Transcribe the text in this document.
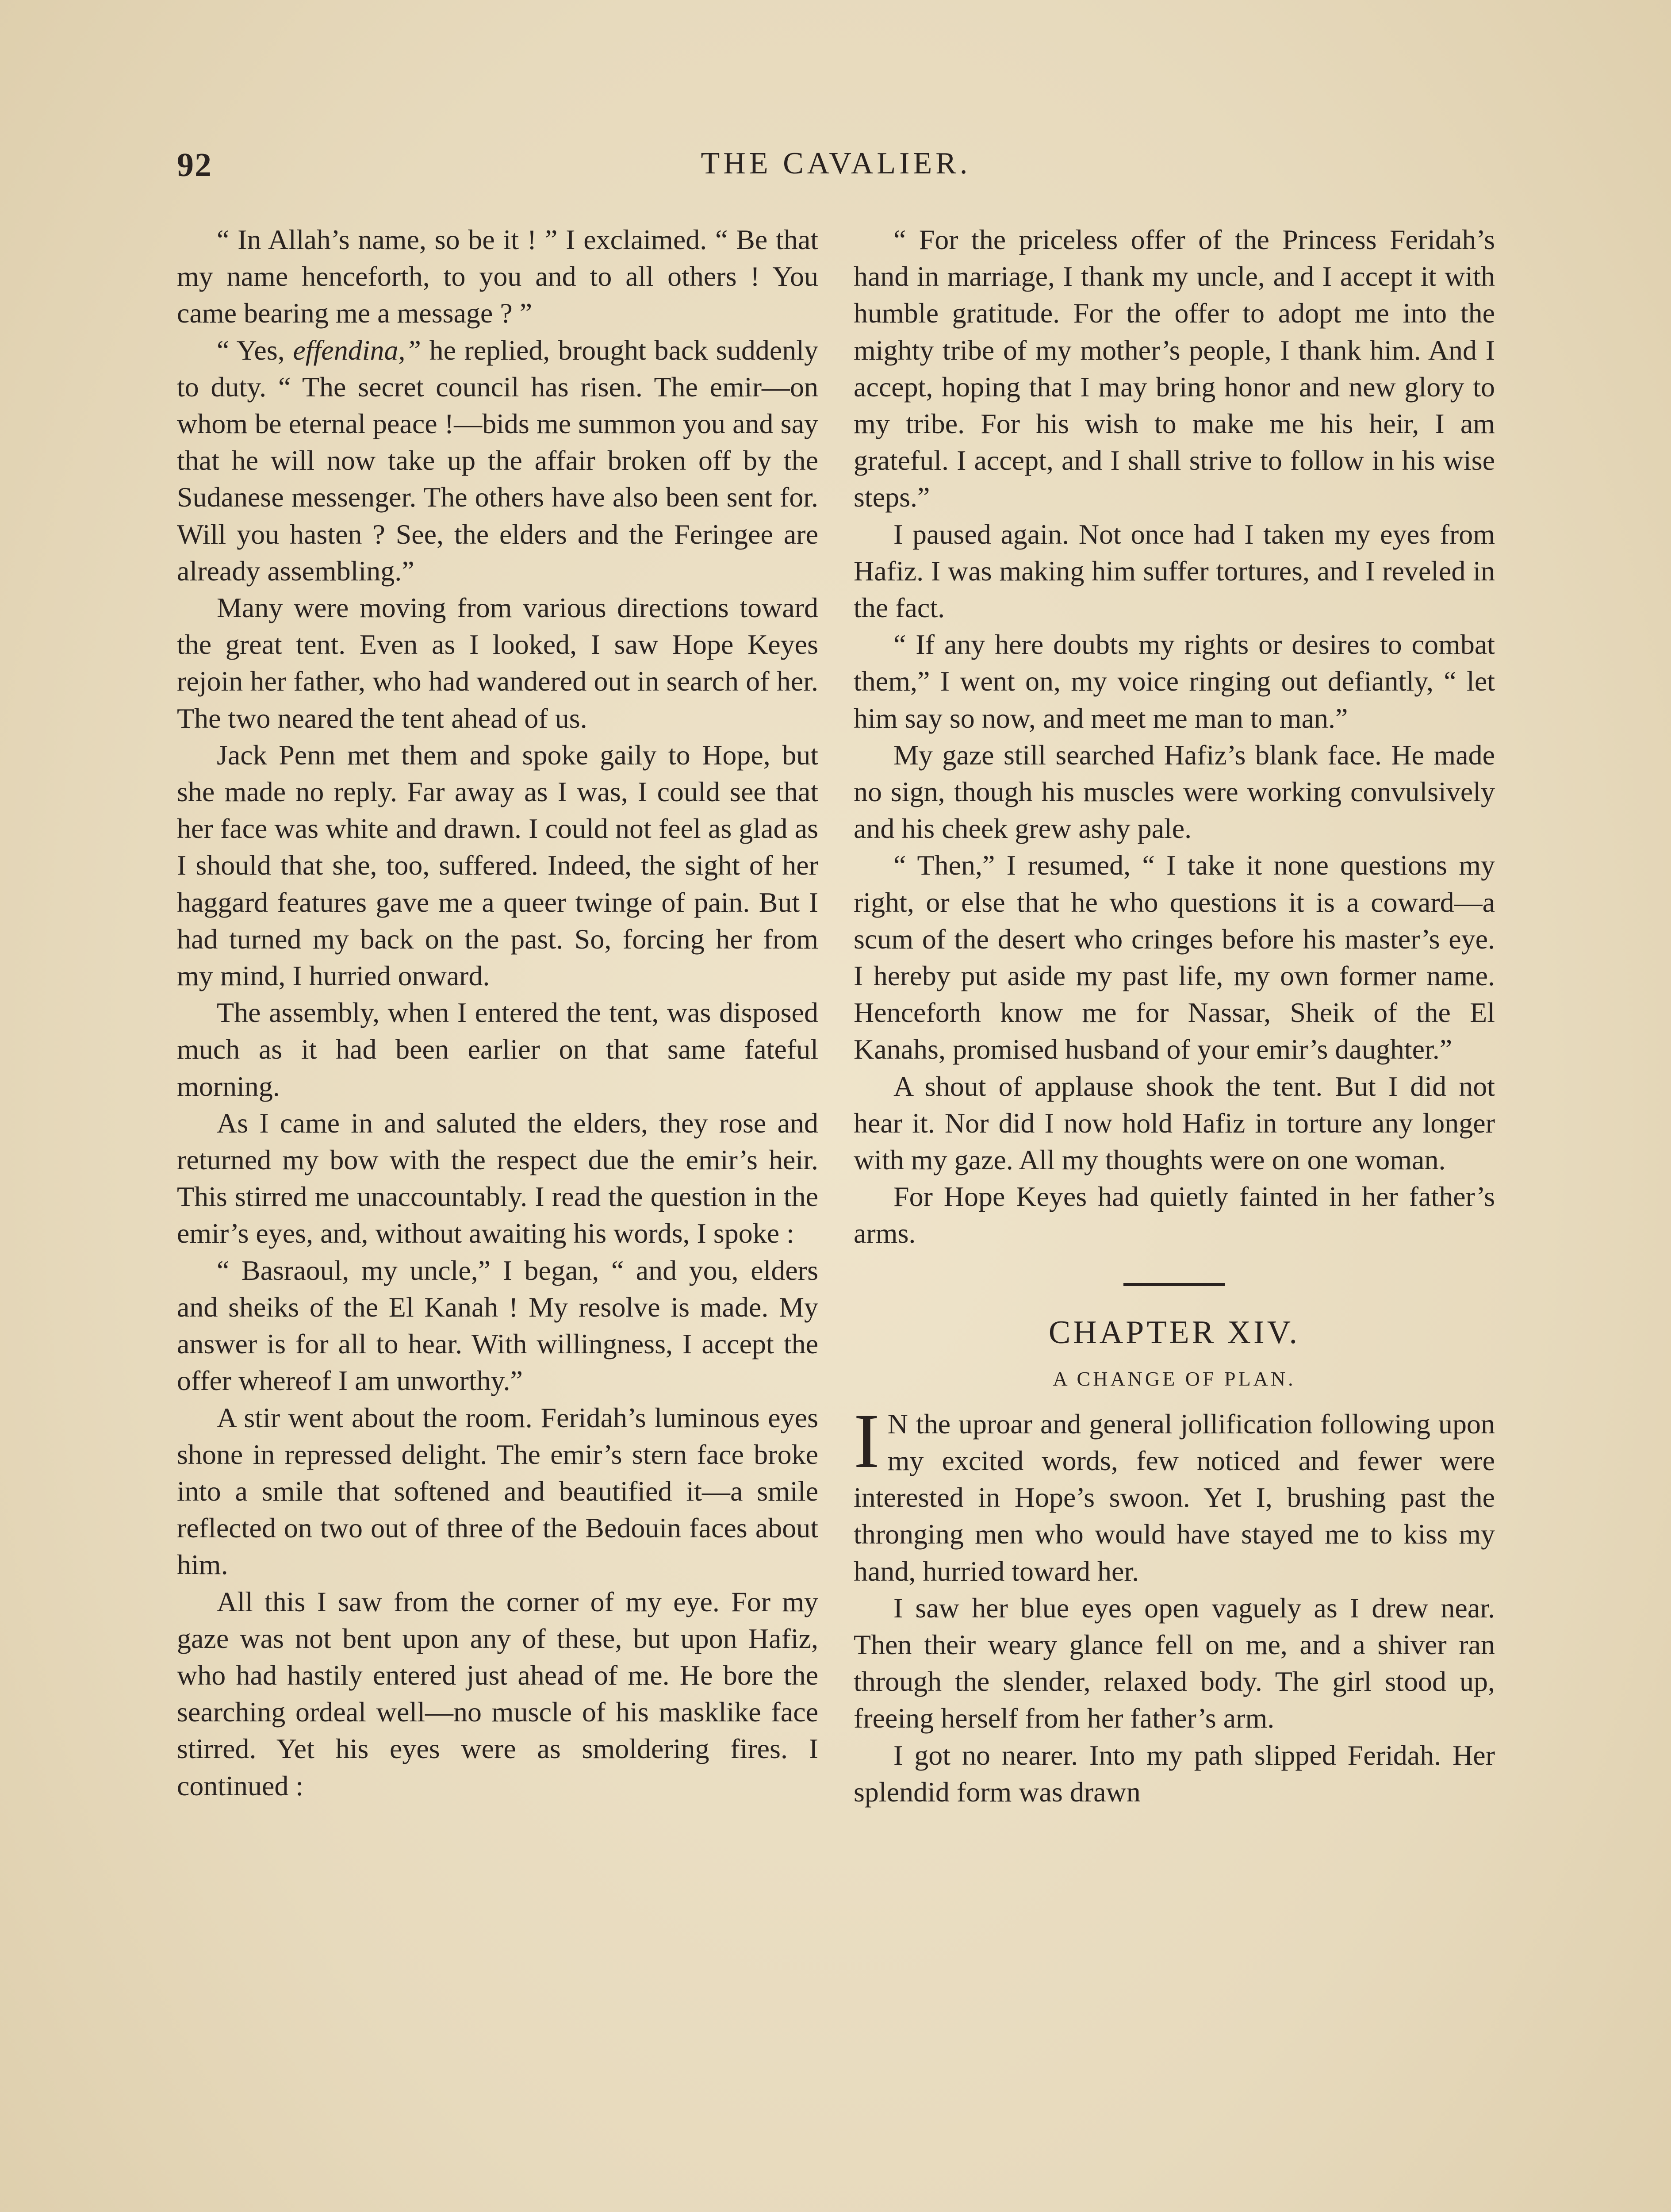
92	THE CAVALIER.

“ In Allah’s name, so be it ! ” I exclaimed. “ Be that my name henceforth, to you and to all others ! You came bearing me a message ? ”

“ Yes, effendina,” he replied, brought back suddenly to duty. “ The secret council has risen. The emir—on whom be eternal peace !—bids me summon you and say that he will now take up the affair broken off by the Sudanese messenger. The others have also been sent for. Will you hasten ? See, the elders and the Feringee are already assembling.”

Many were moving from various directions toward the great tent. Even as I looked, I saw Hope Keyes rejoin her father, who had wandered out in search of her. The two neared the tent ahead of us.

Jack Penn met them and spoke gaily to Hope, but she made no reply. Far away as I was, I could see that her face was white and drawn. I could not feel as glad as I should that she, too, suffered. Indeed, the sight of her haggard features gave me a queer twinge of pain. But I had turned my back on the past. So, forcing her from my mind, I hurried onward.

The assembly, when I entered the tent, was disposed much as it had been earlier on that same fateful morning.

As I came in and saluted the elders, they rose and returned my bow with the respect due the emir’s heir. This stirred me unaccountably. I read the question in the emir’s eyes, and, without awaiting his words, I spoke :

“ Basraoul, my uncle,” I began, “ and you, elders and sheiks of the El Kanah ! My resolve is made. My answer is for all to hear. With willingness, I accept the offer whereof I am unworthy.”

A stir went about the room. Feridah’s luminous eyes shone in repressed delight. The emir’s stern face broke into a smile that softened and beautified it—a smile reflected on two out of three of the Bedouin faces about him.

All this I saw from the corner of my eye. For my gaze was not bent upon any of these, but upon Hafiz, who had hastily entered just ahead of me. He bore the searching ordeal well—no muscle of his masklike face stirred. Yet his eyes were as smoldering fires. I continued :

“ For the priceless offer of the Princess Feridah’s hand in marriage, I thank my uncle, and I accept it with humble gratitude. For the offer to adopt me into the mighty tribe of my mother’s people, I thank him. And I accept, hoping that I may bring honor and new glory to my tribe. For his wish to make me his heir, I am grateful. I accept, and I shall strive to follow in his wise steps.”

I paused again. Not once had I taken my eyes from Hafiz. I was making him suffer tortures, and I reveled in the fact.

“ If any here doubts my rights or desires to combat them,” I went on, my voice ringing out defiantly, “ let him say so now, and meet me man to man.”

My gaze still searched Hafiz’s blank face. He made no sign, though his muscles were working convulsively and his cheek grew ashy pale.

“ Then,” I resumed, “ I take it none questions my right, or else that he who questions it is a coward—a scum of the desert who cringes before his master’s eye. I hereby put aside my past life, my own former name. Henceforth know me for Nassar, Sheik of the El Kanahs, promised husband of your emir’s daughter.”

A shout of applause shook the tent. But I did not hear it. Nor did I now hold Hafiz in torture any longer with my gaze. All my thoughts were on one woman.

For Hope Keyes had quietly fainted in her father’s arms.

CHAPTER XIV.
A CHANGE OF PLAN.

I N the uproar and general jollification following upon my excited words, few noticed and fewer were interested in Hope’s swoon. Yet I, brushing past the thronging men who would have stayed me to kiss my hand, hurried toward her.

I saw her blue eyes open vaguely as I drew near. Then their weary glance fell on me, and a shiver ran through the slender, relaxed body. The girl stood up, freeing herself from her father’s arm.

I got no nearer. Into my path slipped Feridah. Her splendid form was drawn
